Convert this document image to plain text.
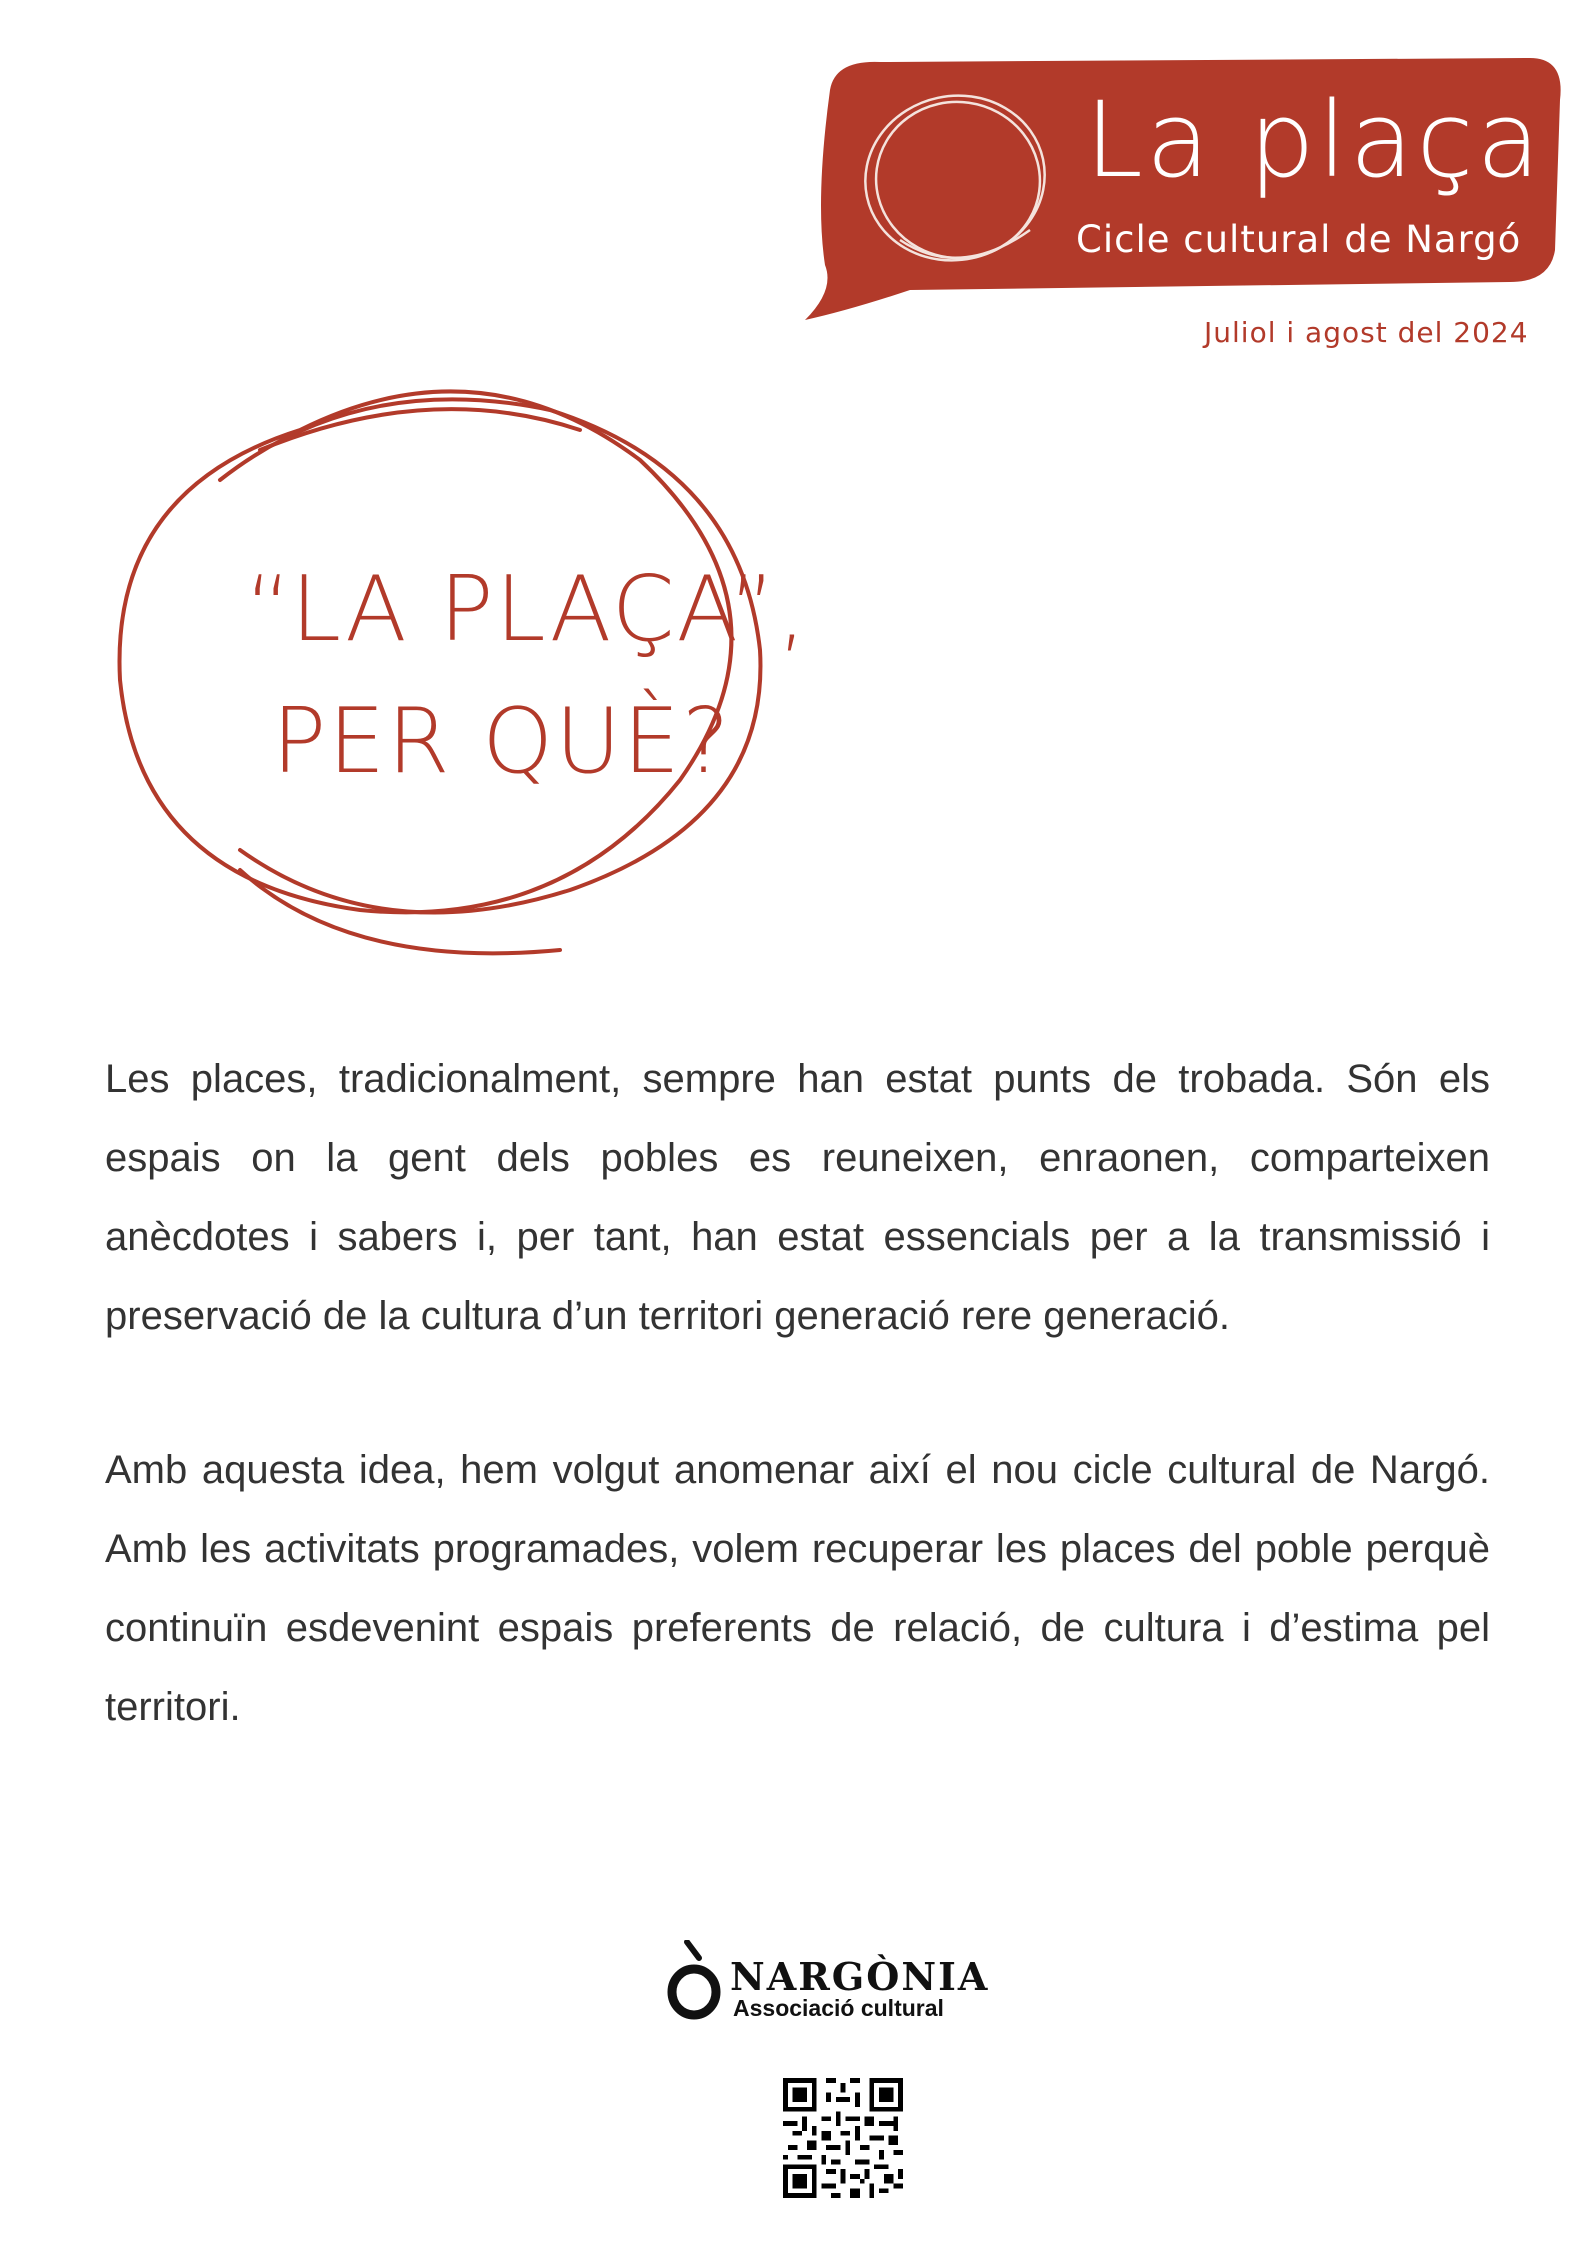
La plaça
Cicle cultural de Nargó
Juliol i agost del 2024
“LA PLAÇA”,
PER QUÈ?

Les places, tradicionalment, sempre han estat punts de trobada. Són els espais on la gent dels pobles es reuneixen, enraonen, comparteixen anècdotes i sabers i, per tant, han estat essencials per a la transmissió i preservació de la cultura d’un territori generació rere generació.

Amb aquesta idea, hem volgut anomenar així el nou cicle cultural de Nargó. Amb les activitats programades, volem recuperar les places del poble perquè continuïn esdevenint espais preferents de relació, de cultura i d’estima pel territori.

NARGÒNIA
Associació cultural
